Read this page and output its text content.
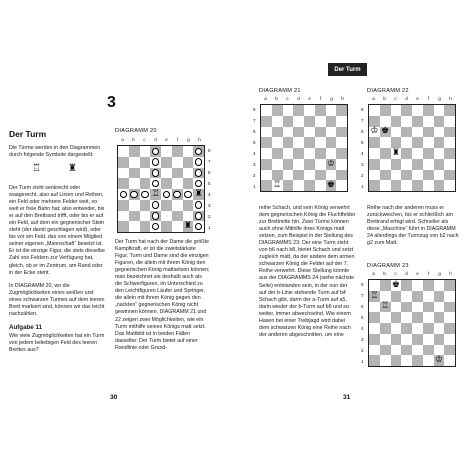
3
Der Turm
Die Türme werden in den Diagrammen durch folgende Symbole dargestellt:
♖	♜

Der Turm zieht senkrecht oder waagerecht, also auf Linien und Reihen, ein Feld oder mehrere Felder weit, so weit er freie Bahn hat; also entweder, bis er auf den Brettrand trifft, oder bis er auf ein Feld, auf dem ein gegnerischer Stein steht (der damit geschlagen wird), oder bis vor ein Feld, das von einem Mitglied seiner eigenen „Mannschaft“ besetzt ist. Er ist die einzige Figur, die stets dieselbe Zahl von Feldern zur Verfügung hat, gleich, ob er im Zentrum, am Rand oder in der Ecke steht.

In DIAGRAMM 20, wo die Zugmöglichkeiten eines weißen und eines schwarzen Turmes auf dem leeren Brett markiert sind, können wir das leicht nachzählen.

Aufgabe 11

Wie viele Zugmöglichkeiten hat ein Turm von jedem beliebigen Feld des leeren Brettes aus?

DIAGRAMM 20
a	b	c	d	e	f	g	h
♖	♜
♜
8
7
6
5
4
3
2
1
Der Turm hat nach der Dame die größte Kampfkraft, er ist die zweitstärkste Figur. Turm und Dame sind die einzigen Figuren, die allein mit ihrem König den gegnerischen König mattsetzen können; man bezeichnet sie deshalb auch als die Schwerfiguren, im Unterschied zu den Leichtfiguren Läufer und Springer, die allein mit ihrem König gegen den „nackten“ gegnerischen König nicht gewinnen können. DIAGRAMM 21 und 22 zeigen zwei Möglichkeiten, wie ein Turm mithilfe seines Königs matt setzt. Das Mattbild ist in beiden Fällen dasselbe: Der Turm bietet auf einer Randlinie oder Grund-
30
Der Turm
DIAGRAMM 21
a	b	c	d	e	f	g	h
♔
♖	♚
8
7
6
5
4
3
2
1
DIAGRAMM 22
a	b	c	d	e	f	g	h
♔ ♚
♜
8
7
6
5
4
3
2
1
reihe Schach, und sein König verwehrt dem gegnerischen König die Fluchtfelder zur Brettmitte hin. Zwei Türme können auch ohne Mithilfe ihres Königs matt setzen, zum Beispiel in der Stellung des DIAGRAMMS 23: Der eine Turm zieht von b6 nach b8, bietet Schach und setzt zugleich matt, da der andere dem armen schwarzen König die Felder auf der 7. Reihe verwehrt. Diese Stellung könnte aus der DIAGRAMMS 24 (siehe nächste Seite) entstanden sein, in der nun der auf der b-Linie stehende Turm auf b4 Schach gibt, darm der a-Turm auf a5, darin wieder der b-Turm auf b6 und so weiter, immer abwechselnd. Wie einem Hasen bei einer Treibjagd wird dabei dem schwarzen König eine Reihe nach der anderen abgeschnitten, um eine
Reihe nach der anderen muss er zurückweichen, bis er schließlich am Brettrand erfegt wird. Schneller als diese „Maschine“ führt in DIAGRAMM 24 allerdings der Turmzug von b2 nach g2 zum Matt.
DIAGRAMM 23
a	b	c	d	e	f	g	h
♚
♖
♖
♔
8
7
6
5
4
3
2
1
31
